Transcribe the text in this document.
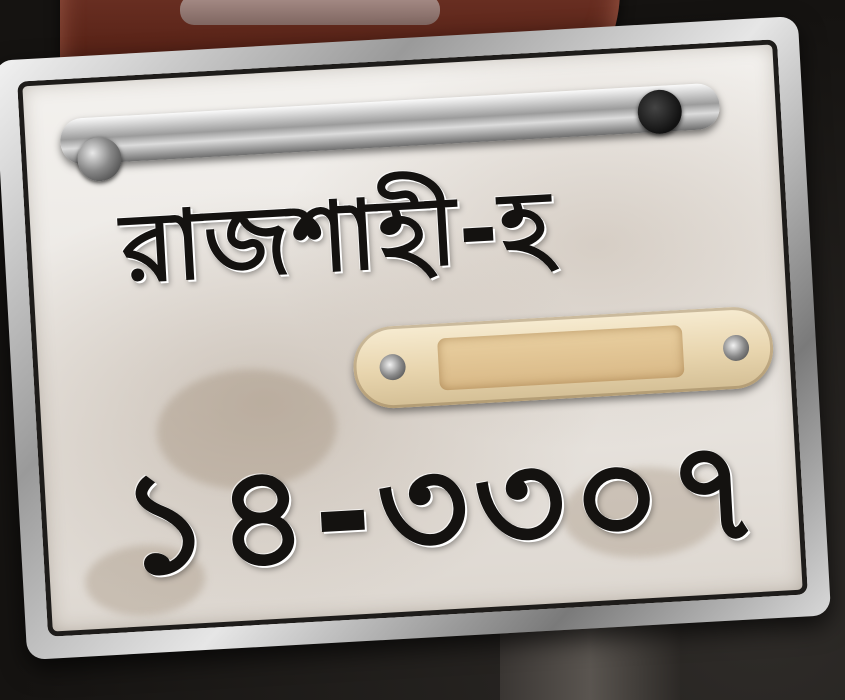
রাজশাহী-হ

১৪-৩৩০৭
